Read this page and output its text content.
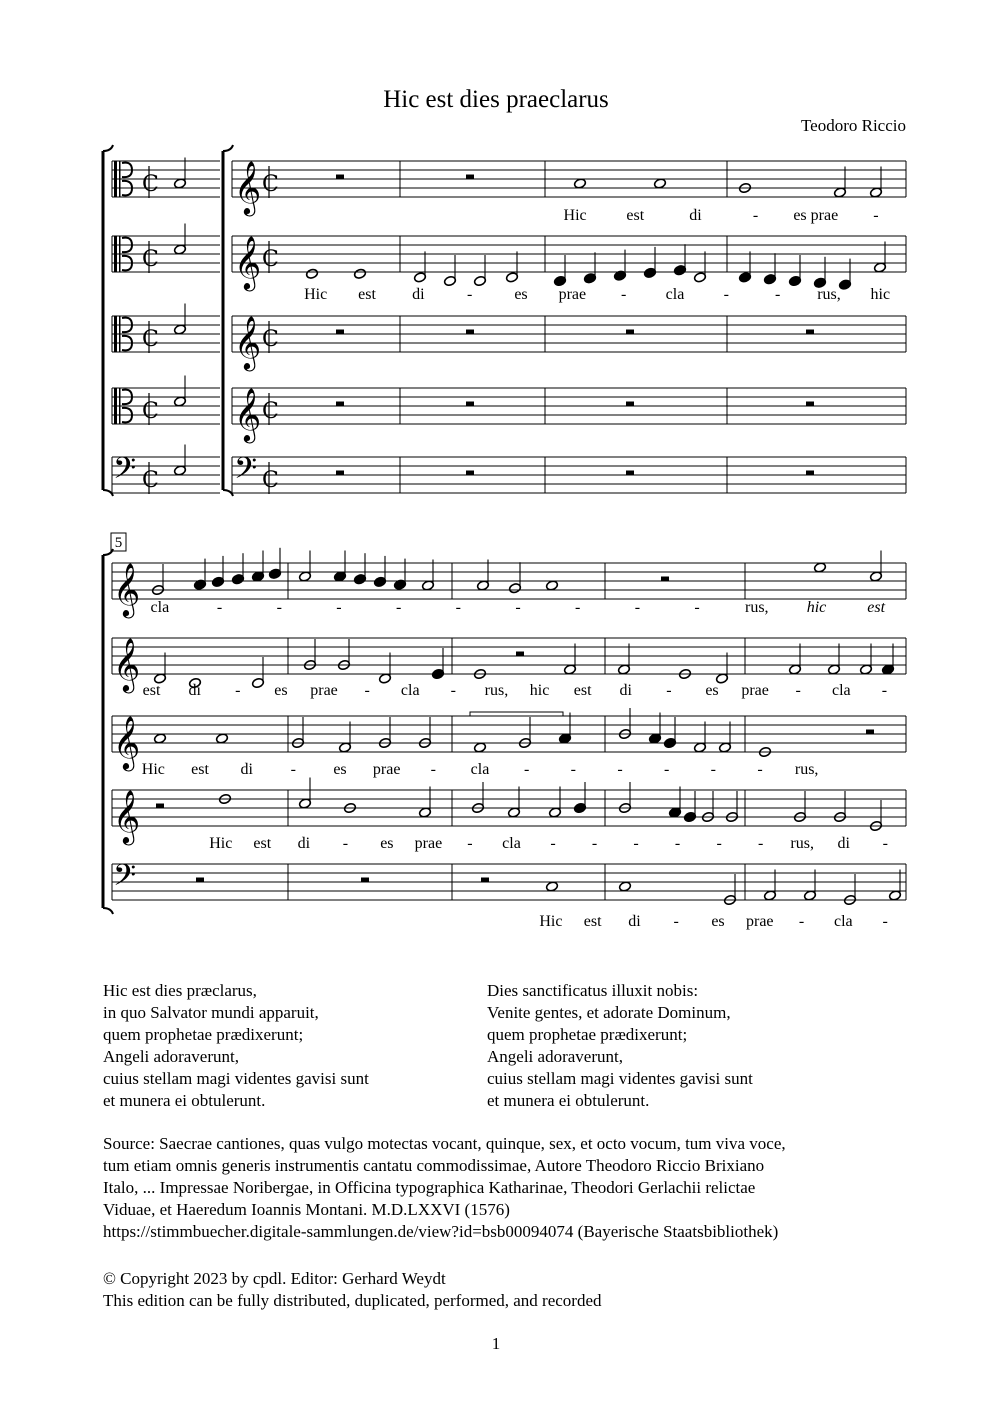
Hic est dies praeclarus
Teodoro Riccio
𝄞
C	C
𝄞
C	C
𝄞
C	C
𝄞
C	C
𝄢	𝄢
C	C
Hic est	di	- es prae -
Hic est di	-	es prae - cla -	- rus, hic
5
𝄞
𝄞
𝄞
𝄞
𝄢
cla	-	-	-	-	-	-	-	-	-	rus, hic	est
est di - es prae - cla - rus, hic est di - es prae - cla -
Hic est di - es prae - cla -	-	-	-	-	- rus,
Hic est di - es prae - cla - - - - - - rus, di -
Hic est di - es prae - cla -
Hic est dies præclarus,
in quo Salvator mundi apparuit,
quem prophetae prædixerunt;
Angeli adoraverunt,
cuius stellam magi videntes gavisi sunt
et munera ei obtulerunt.
Dies sanctificatus illuxit nobis:
Venite gentes, et adorate Dominum,
quem prophetae prædixerunt;
Angeli adoraverunt,
cuius stellam magi videntes gavisi sunt
et munera ei obtulerunt.
Source: Saecrae cantiones, quas vulgo motectas vocant, quinque, sex, et octo vocum, tum viva voce,
tum etiam omnis generis instrumentis cantatu commodissimae, Autore Theodoro Riccio Brixiano
Italo, ... Impressae Noribergae, in Officina typographica Katharinae, Theodori Gerlachii relictae
Viduae, et Haeredum Ioannis Montani. M.D.LXXVI (1576)
https://stimmbuecher.digitale-sammlungen.de/view?id=bsb00094074 (Bayerische Staatsbibliothek)
© Copyright 2023 by cpdl. Editor: Gerhard Weydt
This edition can be fully distributed, duplicated, performed, and recorded
1
